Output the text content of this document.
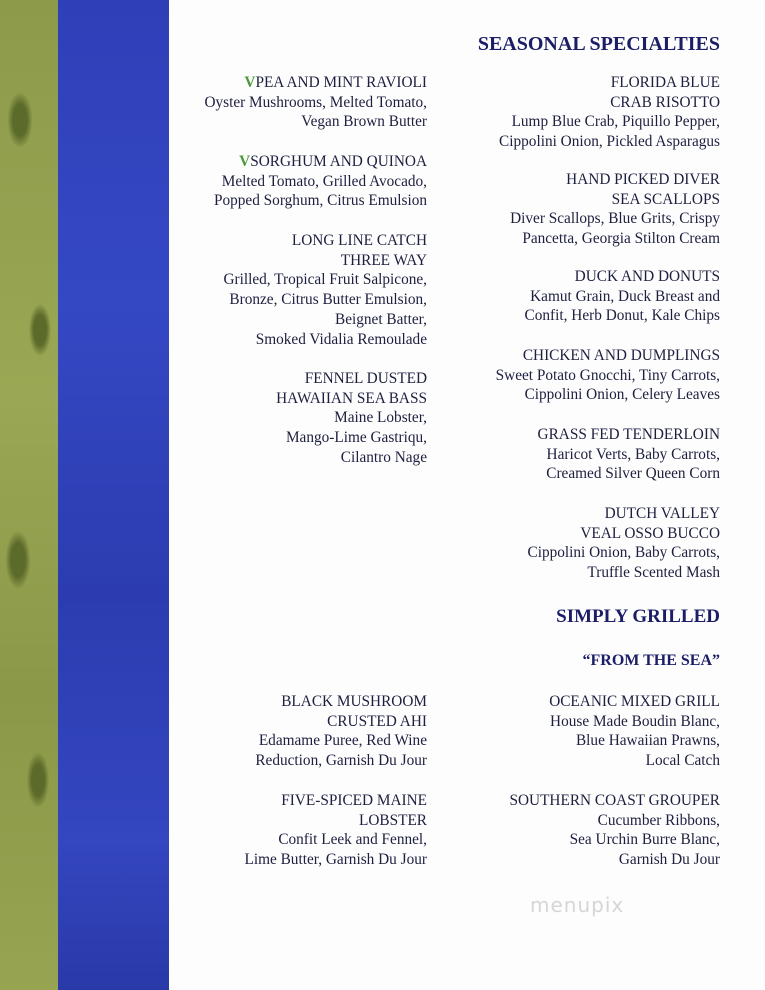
SEASONAL SPECIALTIES
SIMPLY GRILLED
“FROM THE SEA”
VPEA AND MINT RAVIOLI
Oyster Mushrooms, Melted Tomato,
Vegan Brown Butter
VSORGHUM AND QUINOA
Melted Tomato, Grilled Avocado,
Popped Sorghum, Citrus Emulsion
LONG LINE CATCH
THREE WAY
Grilled, Tropical Fruit Salpicone,
Bronze, Citrus Butter Emulsion,
Beignet Batter,
Smoked Vidalia Remoulade
FENNEL DUSTED
HAWAIIAN SEA BASS
Maine Lobster,
Mango-Lime Gastriqu,
Cilantro Nage
FLORIDA BLUE
CRAB RISOTTO
Lump Blue Crab, Piquillo Pepper,
Cippolini Onion, Pickled Asparagus
HAND PICKED DIVER
SEA SCALLOPS
Diver Scallops, Blue Grits, Crispy
Pancetta, Georgia Stilton Cream
DUCK AND DONUTS
Kamut Grain, Duck Breast and
Confit, Herb Donut, Kale Chips
CHICKEN AND DUMPLINGS
Sweet Potato Gnocchi, Tiny Carrots,
Cippolini Onion, Celery Leaves
GRASS FED TENDERLOIN
Haricot Verts, Baby Carrots,
Creamed Silver Queen Corn
DUTCH VALLEY
VEAL OSSO BUCCO
Cippolini Onion, Baby Carrots,
Truffle Scented Mash
BLACK MUSHROOM
CRUSTED AHI
Edamame Puree, Red Wine
Reduction, Garnish Du Jour
FIVE-SPICED MAINE
LOBSTER
Confit Leek and Fennel,
Lime Butter, Garnish Du Jour
OCEANIC MIXED GRILL
House Made Boudin Blanc,
Blue Hawaiian Prawns,
Local Catch
SOUTHERN COAST GROUPER
Cucumber Ribbons,
Sea Urchin Burre Blanc,
Garnish Du Jour
menupix
